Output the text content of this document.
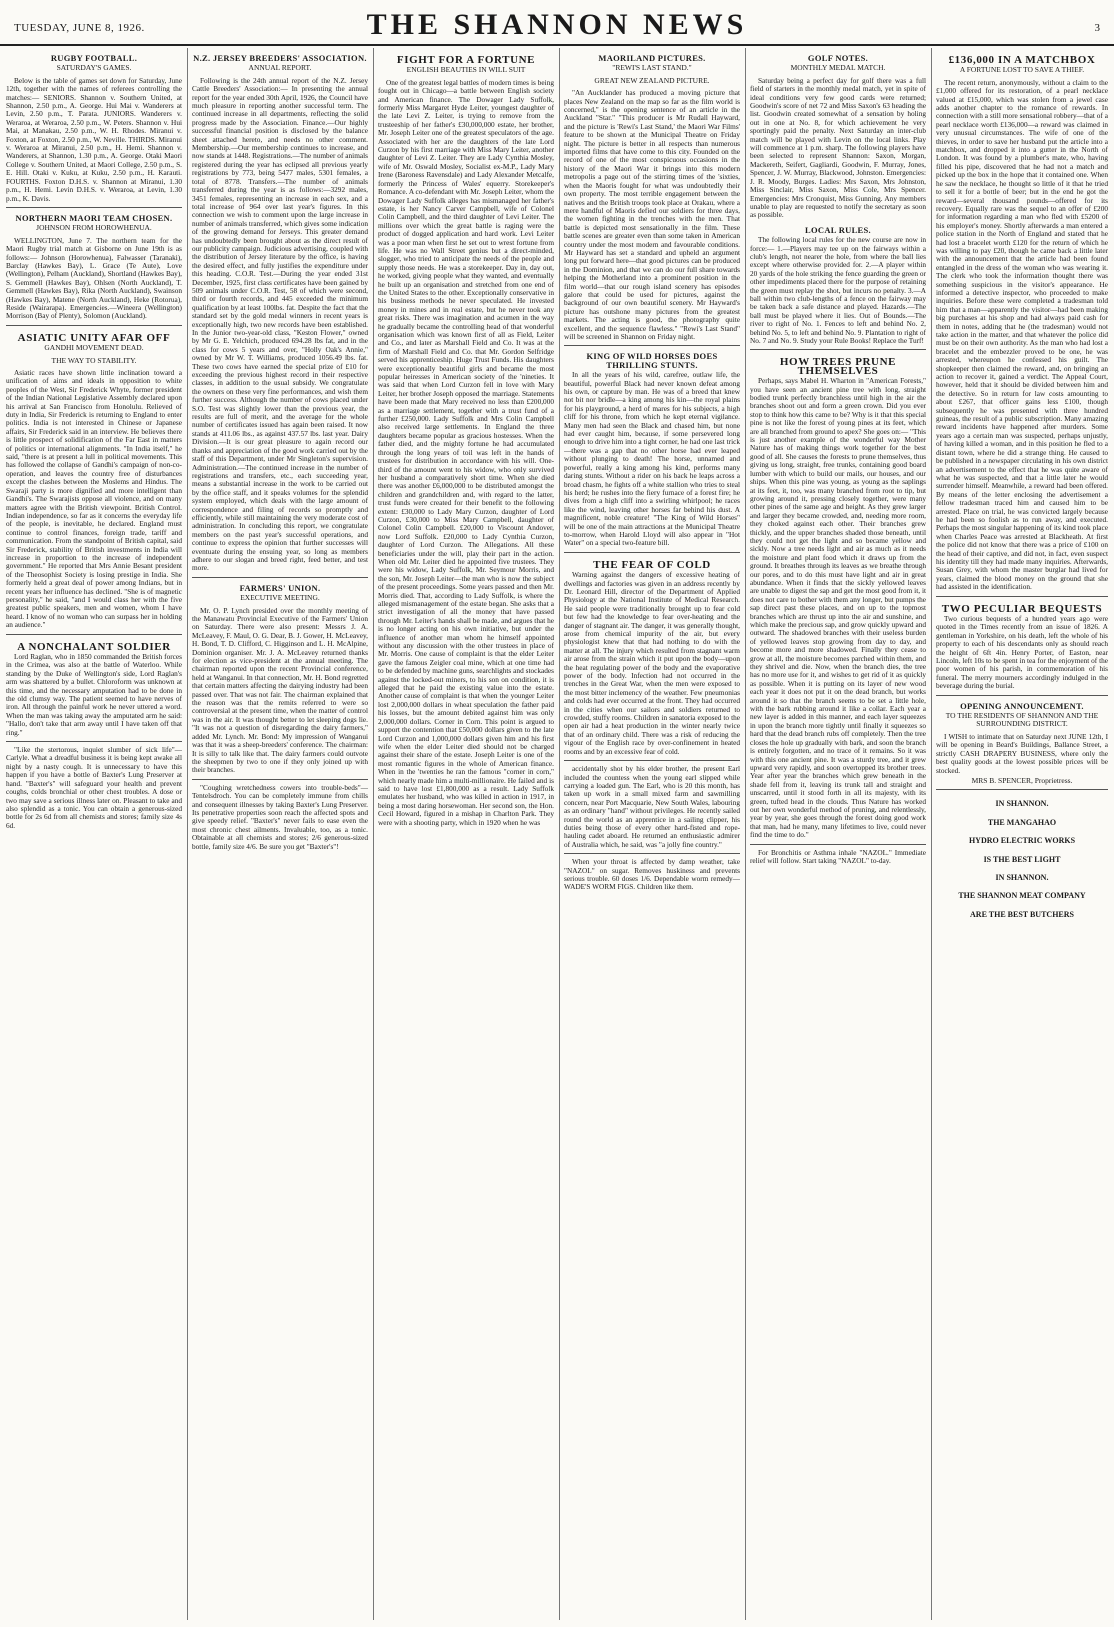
TUESDAY, JUNE 8, 1926.	THE SHANNON NEWS	3
RUGBY FOOTBALL.
SATURDAY'S GAMES.

Below is the table of games set down for Saturday, June 12th, together with the names of referees controlling the matches:— SENIORS. Shannon v. Southern United, at Shannon, 2.50 p.m., A. George. Hui Mai v. Wanderers at Levin, 2.50 p.m., T. Parata. JUNIORS. Wanderers v. Weraroa, at Weraroa, 2.50 p.m., W. Peters. Shannon v. Hui Mai, at Manakau, 2.50 p.m., W. H. Rhodes. Miranui v. Foxton, at Foxton, 2.50 p.m., W. Neville. THIRDS. Miranui v. Weraroa at Miranui, 2.50 p.m., H. Hemi. Shannon v. Wanderers, at Shannon, 1.30 p.m., A. George. Otaki Maori College v. Southern United, at Maori College, 2.50 p.m., S. E. Hill. Otaki v. Kuku, at Kuku, 2.50 p.m., H. Karauti. FOURTHS. Foxton D.H.S. v. Shannon at Miranui, 1.30 p.m., H. Hemi. Levin D.H.S. v. Weraroa, at Levin, 1.30 p.m., K. Davis.

NORTHERN MAORI TEAM CHOSEN.
JOHNSON FROM HOROWHENUA.

WELLINGTON, June 7. The northern team for the Maori Rugby trial match at Gisborne on June 19th is as follows:— Johnson (Horowhenua), Falwasser (Taranaki), Barclay (Hawkes Bay), L. Grace (Te Aute), Love (Wellington), Pelham (Auckland), Shortland (Hawkes Bay), S. Gemmell (Hawkes Bay), Ohlsen (North Auckland), T. Gemmell (Hawkes Bay), Rika (North Auckland), Swainson (Hawkes Bay), Matene (North Auckland), Heke (Rotorua), Reside (Wairarapa). Emergencies.—Wineera (Wellington) Morrison (Bay of Plenty), Solomon (Auckland).

ASIATIC UNITY AFAR OFF
GANDHI MOVEMENT DEAD.
THE WAY TO STABILITY.

Asiatic races have shown little inclination toward a unification of aims and ideals in opposition to white peoples of the West, Sir Frederick Whyte, former president of the Indian National Legislative Assembly declared upon his arrival at San Francisco from Honolulu. Relieved of duty in India, Sir Frederick is returning to England to enter politics. India is not interested in Chinese or Japanese affairs, Sir Frederick said in an interview. He believes there is little prospect of solidification of the Far East in matters of politics or international alignments. "In India itself," he said, "there is at present a lull in political movements. This has followed the collapse of Gandhi's campaign of non-co-operation, and leaves the country free of disturbances except the clashes between the Moslems and Hindus. The Swaraji party is more dignified and more intelligent than Gandhi's. The Swarajists oppose all violence, and on many matters agree with the British viewpoint. British Control. Indian independence, so far as it concerns the everyday life of the people, is inevitable, he declared. England must continue to control finances, foreign trade, tariff and communication. From the standpoint of British capital, said Sir Frederick, stability of British investments in India will increase in proportion to the increase of independent government." He reported that Mrs Annie Besant president of the Theosophist Society is losing prestige in India. She formerly held a great deal of power among Indians, but in recent years her influence has declined. "She is of magnetic personality," he said, "and I would class her with the five greatest public speakers, men and women, whom I have heard. I know of no woman who can surpass her in holding an audience."

A NONCHALANT SOLDIER

Lord Raglan, who in 1850 commanded the British forces in the Crimea, was also at the battle of Waterloo. While standing by the Duke of Wellington's side, Lord Raglan's arm was shattered by a bullet. Chloroform was unknown at this time, and the necessary amputation had to be done in the old clumsy way. The patient seemed to have nerves of iron. All through the painful work he never uttered a word. When the man was taking away the amputated arm he said: "Hallo, don't take that arm away until I have taken off that ring."

"Like the stertorous, inquiet slumber of sick life"—Carlyle. What a dreadful business it is being kept awake all night by a nasty cough. It is unnecessary to have this happen if you have a bottle of Baxter's Lung Preserver at hand. "Baxter's" will safeguard your health and prevent coughs, colds bronchial or other chest troubles. A dose or two may save a serious illness later on. Pleasant to take and also splendid as a tonic. You can obtain a generous-sized bottle for 2s 6d from all chemists and stores; family size 4s 6d.

N.Z. JERSEY BREEDERS' ASSOCIATION.
ANNUAL REPORT.

Following is the 24th annual report of the N.Z. Jersey Cattle Breeders' Association:— In presenting the annual report for the year ended 30th April, 1926, the Council have much pleasure in reporting another successful term. The continued increase in all departments, reflecting the solid progress made by the Association. Finance.—Our highly successful financial position is disclosed by the balance sheet attached hereto, and needs no other comment. Membership.—Our membership continues to increase, and now stands at 1448. Registrations.—The number of animals registered during the year has eclipsed all previous yearly registrations by 773, being 5477 males, 5301 females, a total of 8778. Transfers.—The number of animals transferred during the year is as follows:—3292 males, 3451 females, representing an increase in each sex, and a total increase of 964 over last year's figures. In this connection we wish to comment upon the large increase in number of animals transferred, which gives some indication of the growing demand for Jerseys. This greater demand has undoubtedly been brought about as the direct result of our publicity campaign. Judicious advertising, coupled with the distribution of Jersey literature by the office, is having the desired effect, and fully justifies the expenditure under this heading. C.O.R. Test.—During the year ended 31st December, 1925, first class certificates have been gained by 509 animals under C.O.R. Test, 58 of which were second, third or fourth records, and 445 exceeded the minimum qualification by at least 100lbs. fat. Despite the fact that the standard set by the gold medal winners in recent years is exceptionally high, two new records have been established. In the Junior two-year-old class, "Keston Flower," owned by Mr G. E. Yelchich, produced 694.28 lbs fat, and in the class for cows 5 years and over, "Holly Oak's Annie," owned by Mr W. T. Williams, produced 1056.49 lbs. fat. These two cows have earned the special prize of £10 for exceeding the previous highest record in their respective classes, in addition to the usual subsidy. We congratulate the owners on these very fine performances, and wish them further success. Although the number of cows placed under S.O. Test was slightly lower than the previous year, the results are full of merit, and the average for the whole number of certificates issued has again been raised. It now stands at 411.06 lbs., as against 437.57 lbs. last year. Dairy Division.—It is our great pleasure to again record our thanks and appreciation of the good work carried out by the staff of this Department, under Mr Singleton's supervision. Administration.—The continued increase in the number of registrations and transfers, etc., each succeeding year, means a substantial increase in the work to be carried out by the office staff, and it speaks volumes for the splendid system employed, which deals with the large amount of correspondence and filing of records so promptly and efficiently, while still maintaining the very moderate cost of administration. In concluding this report, we congratulate members on the past year's successful operations, and continue to express the opinion that further successes will eventuate during the ensuing year, so long as members adhere to our slogan and breed right, feed better, and test more.

FARMERS' UNION.
EXECUTIVE MEETING.

Mr. O. P. Lynch presided over the monthly meeting of the Manawatu Provincial Executive of the Farmers' Union on Saturday. There were also present: Messrs J. A. McLeavey, F. Maul, O. G. Dear, B. J. Gower, H. McLeavey, H. Bond, T. D. Clifford, C. Higginson and L. H. McAlpine, Dominion organiser. Mr. J. A. McLeavey returned thanks for election as vice-president at the annual meeting. The chairman reported upon the recent Provincial conference, held at Wanganui. In that connection, Mr. H. Bond regretted that certain matters affecting the dairying industry had been passed over. That was not fair. The chairman explained that the reason was that the remits referred to were so controversial at the present time, when the matter of control was in the air. It was thought better to let sleeping dogs lie. "It was not a question of disregarding the dairy farmers," added Mr. Lynch. Mr. Bond: My impression of Wanganui was that it was a sheep-breeders' conference. The chairman: It is silly to talk like that. The dairy farmers could outvote the sheepmen by two to one if they only joined up with their branches.

"Coughing wretchedness cowers into trouble-beds"—Tentelsdroch. You can be completely immune from chills and consequent illnesses by taking Baxter's Lung Preserver. Its penetrative properties soon reach the affected spots and give speedy relief. "Baxter's" never fails to ease even the most chronic chest ailments. Invaluable, too, as a tonic. Obtainable at all chemists and stores; 2/6 generous-sized bottle, family size 4/6. Be sure you get "Baxter's"!

FIGHT FOR A FORTUNE
ENGLISH BEAUTIES IN WILL SUIT

One of the greatest legal battles of modern times is being fought out in Chicago—a battle between English society and American finance. The Dowager Lady Suffolk, formerly Miss Margaret Hyde Leiter, youngest daughter of the late Levi Z. Leiter, is trying to remove from the trusteeship of her father's £30,000,000 estate, her brother, Mr. Joseph Leiter one of the greatest speculators of the age. Associated with her are the daughters of the late Lord Curzon by his first marriage with Miss Mary Leiter, another daughter of Levi Z. Leiter. They are Lady Cynthia Mosley, wife of Mr. Oswald Mosley, Socialist ex-M.P., Lady Mary Irene (Baroness Ravensdale) and Lady Alexander Metcalfe, formerly the Princess of Wales' equerry. Storekeeper's Romance. A co-defendant with Mr. Joseph Leiter, whom the Dowager Lady Suffolk alleges has mismanaged her father's estate, is her Nancy Carver Campbell, wife of Colonel Colin Campbell, and the third daughter of Levi Leiter. The millions over which the great battle is raging were the product of dogged application and hard work. Levi Leiter was a poor man when first he set out to wrest fortune from life. He was no Wall Street genius but a direct-minded, slogger, who tried to anticipate the needs of the people and supply those needs. He was a storekeeper. Day in, day out, he worked, giving people what they wanted, and eventually he built up an organisation and stretched from one end of the United States to the other. Exceptionally conservative in his business methods he never speculated. He invested money in mines and in real estate, but he never took any great risks. There was imagination and acumen in the way he gradually became the controlling head of that wonderful organisation which was known first of all as Field, Leiter and Co., and later as Marshall Field and Co. It was at the firm of Marshall Field and Co. that Mr. Gordon Selfridge served his apprenticeship. Huge Trust Funds. His daughters were exceptionally beautiful girls and became the most popular heiresses in American society of the 'nineties. It was said that when Lord Curzon fell in love with Mary Leiter, her brother Joseph opposed the marriage. Statements have been made that Mary received no less than £200,000 as a marriage settlement, together with a trust fund of a further £250,000. Lady Suffolk and Mrs Colin Campbell also received large settlements. In England the three daughters became popular as gracious hostesses. When the father died, and the mighty fortune he had accumulated through the long years of toil was left in the hands of trustees for distribution in accordance with his will. One-third of the amount went to his widow, who only survived her husband a comparatively short time. When she died there was another £6,000,000 to be distributed amongst the children and grandchildren and, with regard to the latter, trust funds were created for their benefit to the following extent: £30,000 to Lady Mary Curzon, daughter of Lord Curzon, £30,000 to Miss Mary Campbell, daughter of Colonel Colin Campbell. £20,000 to Viscount Andover, now Lord Suffolk. £20,000 to Lady Cynthia Curzon, daughter of Lord Curzon. The Allegations. All these beneficiaries under the will, play their part in the action. When old Mr. Leiter died he appointed five trustees. They were his widow, Lady Suffolk, Mr. Seymour Morris, and the son, Mr. Joseph Leiter—the man who is now the subject of the present proceedings. Some years passed and then Mr. Morris died. That, according to Lady Suffolk, is where the alleged mismanagement of the estate began. She asks that a strict investigation of all the money that have passed through Mr. Leiter's hands shall be made, and argues that he is no longer acting on his own initiative, but under the influence of another man whom he himself appointed without any discussion with the other trustees in place of Mr. Morris. One cause of complaint is that the elder Leiter gave the famous Zeigler coal mine, which at one time had to be defended by machine guns, searchlights and stockades against the locked-out miners, to his son on condition, it is alleged that he paid the existing value into the estate. Another cause of complaint is that when the younger Leiter lost 2,000,000 dollars in wheat speculation the father paid his losses, but the amount debited against him was only 2,000,000 dollars. Corner in Corn. This point is argued to support the contention that £50,000 dollars given to the late Lord Curzon and 1,000,000 dollars given him and his first wife when the elder Leiter died should not be charged against their share of the estate. Joseph Leiter is one of the most romantic figures in the whole of American finance. When in the 'twenties he ran the famous "corner in corn," which nearly made him a multi-millionaire. He failed and is said to have lost £1,800,000 as a result. Lady Suffolk emulates her husband, who was killed in action in 1917, in being a most daring horsewoman. Her second son, the Hon. Cecil Howard, figured in a mishap in Charlton Park. They were with a shooting party, which in 1920 when he was

MAORILAND PICTURES.
"REWI'S LAST STAND."
GREAT NEW ZEALAND PICTURE.

"An Aucklander has produced a moving picture that places New Zealand on the map so far as the film world is concerned," is the opening sentence of an article in the Auckland "Star." "This producer is Mr Rudall Hayward, and the picture is 'Rewi's Last Stand,' the Maori War Films' feature to be shown at the Municipal Theatre on Friday night. The picture is better in all respects than numerous imported films that have come to this city. Founded on the record of one of the most conspicuous occasions in the history of the Maori War it brings into this modern metropolis a page out of the stirring times of the 'sixties, when the Maoris fought for what was undoubtedly their own property. The most terrible engagement between the natives and the British troops took place at Orakau, where a mere handful of Maoris defied our soldiers for three days, the women fighting in the trenches with the men. That battle is depicted most sensationally in the film. These battle scenes are greater even than some taken in American country under the most modern and favourable conditions. Mr Hayward has set a standard and upheld an argument long put forward here—that good pictures can be produced in the Dominion, and that we can do our full share towards helping the Motherland into a prominent position in the film world—that our rough island scenery has episodes galore that could be used for pictures, against the background of our own beautiful scenery. Mr Hayward's picture has outshone many pictures from the greatest markets. The acting is good, the photography quite excellent, and the sequence flawless." "Rewi's Last Stand" will be screened in Shannon on Friday night.

KING OF WILD HORSES DOES THRILLING STUNTS.

In all the years of his wild, carefree, outlaw life, the beautiful, powerful Black had never known defeat among his own, or capture by man. He was of a breed that knew not bit nor bridle—a king among his kin—the royal plains for his playground, a herd of mares for his subjects, a high cliff for his throne, from which he kept eternal vigilance. Many men had seen the Black and chased him, but none had ever caught him, because, if some persevered long enough to drive him into a tight corner, he had one last trick—there was a gap that no other horse had ever leaped without plunging to death! The horse, unnamed and powerful, really a king among his kind, performs many daring stunts. Without a rider on his back he leaps across a broad chasm, he fights off a white stallion who tries to steal his herd; he rushes into the fiery furnace of a forest fire; he dives from a high cliff into a swirling whirlpool; he races like the wind, leaving other horses far behind his dust. A magnificent, noble creature! "The King of Wild Horses" will be one of the main attractions at the Municipal Theatre to-morrow, when Harold Lloyd will also appear in "Hot Water" on a special two-feature bill.

THE FEAR OF COLD

Warning against the dangers of excessive heating of dwellings and factories was given in an address recently by Dr. Leonard Hill, director of the Department of Applied Physiology at the National Institute of Medical Research. He said people were traditionally brought up to fear cold but few had the knowledge to fear over-heating and the danger of stagnant air. The danger, it was generally thought, arose from chemical impurity of the air, but every physiologist knew that that had nothing to do with the matter at all. The injury which resulted from stagnant warm air arose from the strain which it put upon the body—upon the heat regulating power of the body and the evaporative power of the body. Infection had not occurred in the trenches in the Great War, when the men were exposed to the most bitter inclemency of the weather. Few pneumonias and colds had ever occurred at the front. They had occurred in the cities when our sailors and soldiers returned to crowded, stuffy rooms. Children in sanatoria exposed to the open air had a heat production in the winter nearly twice that of an ordinary child. There was a risk of reducing the vigour of the English race by over-confinement in heated rooms and by an excessive fear of cold.

accidentally shot by his elder brother, the present Earl included the countess when the young earl slipped while carrying a loaded gun. The Earl, who is 20 this month, has taken up work in a small mixed farm and sawmilling concern, near Port Macquarie, New South Wales, labouring as an ordinary "hand" without privileges. He recently sailed round the world as an apprentice in a sailing clipper, his duties being those of every other hard-fisted and rope-hauling cadet aboard. He returned an enthusiastic admirer of Australia which, he said, was "a jolly fine country."

When your throat is affected by damp weather, take "NAZOL" on sugar. Removes huskiness and prevents serious trouble. 60 doses 1/6. Dependable worm remedy—WADE'S WORM FIGS. Children like them.

GOLF NOTES.
MONTHLY MEDAL MATCH.

Saturday being a perfect day for golf there was a full field of starters in the monthly medal match, yet in spite of ideal conditions very few good cards were returned; Goodwin's score of net 72 and Miss Saxon's 63 heading the list. Goodwin created somewhat of a sensation by holing out in one at No. 8, for which achievement he very sportingly paid the penalty. Next Saturday an inter-club match will be played with Levin on the local links. Play will commence at 1 p.m. sharp. The following players have been selected to represent Shannon: Saxon, Morgan, Mackereth, Seifert, Gagliardi, Goodwin, F. Murray, Jones, Spencer, J. W. Murray, Blackwood, Johnston. Emergencies: J. R. Moody, Burges. Ladies: Mrs Saxon, Mrs Johnston, Miss Sinclair, Miss Saxon, Miss Cole, Mrs Spencer. Emergencies: Mrs Cronquist, Miss Gunning. Any members unable to play are requested to notify the secretary as soon as possible.

LOCAL RULES.

The following local rules for the new course are now in force:— 1.—Players may tee up on the fairways within a club's length, not nearer the hole, from where the ball lies except where otherwise provided for. 2.—A player within 20 yards of the hole striking the fence guarding the green or other impediments placed there for the purpose of retaining the green must replay the shot, but incurs no penalty. 3.—A ball within two club-lengths of a fence on the fairway may be taken back a safe distance and played. Hazards.—The ball must be played where it lies. Out of Bounds.—The river to right of No. 1. Fences to left and behind No. 2, behind No. 5, to left and behind No. 9. Plantation to right of No. 7 and No. 9. Study your Rule Books! Replace the Turf!

HOW TREES PRUNE THEMSELVES

Perhaps, says Mabel H. Wharton in "American Forests," you have seen an ancient pine tree with long, straight bodied trunk perfectly branchless until high in the air the branches shoot out and form a green crown. Did you ever stop to think how this came to be? Why is it that this special pine is not like the forest of young pines at its feet, which are all branched from ground to apex? She goes on:— "This is just another example of the wonderful way Mother Nature has of making things work together for the best good of all. She causes the forests to prune themselves, thus giving us long, straight, free trunks, containing good board lumber with which to build our mails, our houses, and our ships. When this pine was young, as young as the saplings at its feet, it, too, was many branched from root to tip, but growing around it, pressing closely together, were many other pines of the same age and height. As they grew larger and larger they became crowded, and, needing more room, they choked against each other. Their branches grew thickly, and the upper branches shaded those beneath, until they could not get the light and so became yellow and sickly. Now a tree needs light and air as much as it needs the moisture and plant food which it draws up from the ground. It breathes through its leaves as we breathe through our pores, and to do this must have light and air in great abundance. When it finds that the sickly yellowed leaves are unable to digest the sap and get the most good from it, it does not care to bother with them any longer, but pumps the sap direct past these places, and on up to the topmost branches which are thrust up into the air and sunshine, and which make the precious sap, and grow quickly upward and outward. The shadowed branches with their useless burden of yellowed leaves stop growing from day to day, and become more and more shadowed. Finally they cease to grow at all, the moisture becomes parched within them, and they shrivel and die. Now, when the branch dies, the tree has no more use for it, and wishes to get rid of it as quickly as possible. When it is putting on its layer of new wood each year it does not put it on the dead branch, but works around it so that the branch seems to be set a little hole, with the bark rubbing around it like a collar. Each year a new layer is added in this manner, and each layer squeezes in upon the branch more tightly until finally it squeezes so hard that the dead branch rubs off completely. Then the tree closes the hole up gradually with bark, and soon the branch is entirely forgotten, and no trace of it remains. So it was with this one ancient pine. It was a sturdy tree, and it grew upward very rapidly, and soon overtopped its brother trees. Year after year the branches which grew beneath in the shade fell from it, leaving its trunk tall and straight and unscarred, until it stood forth in all its majesty, with its green, tufted head in the clouds. Thus Nature has worked out her own wonderful method of pruning, and relentlessly, year by year, she goes through the forest doing good work that man, had he many, many lifetimes to live, could never find the time to do."

For Bronchitis or Asthma inhale "NAZOL." Immediate relief will follow. Start taking "NAZOL" to-day.

£136,000 IN A MATCHBOX
A FORTUNE LOST TO SAVE A THIEF.

The recent return, anonymously, without a claim to the £1,000 offered for its restoration, of a pearl necklace valued at £15,000, which was stolen from a jewel case adds another chapter to the romance of rewards. In connection with a still more sensational robbery—that of a pearl necklace worth £136,000—a reward was claimed in very unusual circumstances. The wife of one of the thieves, in order to save her husband put the article into a matchbox, and dropped it into a gutter in the North of London. It was found by a plumber's mate, who, having filled his pipe, discovered that he had not a match and picked up the box in the hope that it contained one. When he saw the necklace, he thought so little of it that he tried to sell it for a bottle of beer; but in the end he got the reward—several thousand pounds—offered for its recovery. Equally rare was the sequel to an offer of £200 for information regarding a man who fled with £5200 of his employer's money. Shortly afterwards a man entered a police station in the North of England and stated that he had lost a bracelet worth £120 for the return of which he was willing to pay £20, though he came back a little later with the announcement that the article had been found entangled in the dress of the woman who was wearing it. The clerk who took the information thought there was something suspicious in the visitor's appearance. He informed a detective inspector, who proceeded to make inquiries. Before these were completed a tradesman told him that a man—apparently the visitor—had been making big purchases at his shop and had always paid cash for them in notes, adding that he (the tradesman) would not take action in the matter, and that whatever the police did must be on their own authority. As the man who had lost a bracelet and the embezzler proved to be one, he was arrested, whereupon he confessed his guilt. The shopkeeper then claimed the reward, and, on bringing an action to recover it, gained a verdict. The Appeal Court, however, held that it should be divided between him and the detective. So in return for law costs amounting to about £267, that officer gains less £100, though subsequently he was presented with three hundred guineas, the result of a public subscription. Many amazing reward incidents have happened after murders. Some years ago a certain man was suspected, perhaps unjustly, of having killed a woman, and in this position he fled to a distant town, where he did a strange thing. He caused to be published in a newspaper circulating in his own district an advertisement to the effect that he was quite aware of what he was suspected, and that a little later he would surrender himself. Meanwhile, a reward had been offered. By means of the letter enclosing the advertisement a fellow tradesman traced him and caused him to be arrested. Place on trial, he was convicted largely because he had been so foolish as to run away, and executed. Perhaps the most singular happening of its kind took place when Charles Peace was arrested at Blackheath. At first the police did not know that there was a price of £100 on the head of their captive, and did not, in fact, even suspect his identity till they had made many inquiries. Afterwards, Susan Grey, with whom the master burglar had lived for years, claimed the blood money on the ground that she had assisted in the identification.

TWO PECULIAR BEQUESTS

Two curious bequests of a hundred years ago were quoted in the Times recently from an issue of 1826. A gentleman in Yorkshire, on his death, left the whole of his property to each of his descendants only as should reach the height of 6ft 4in. Henry Porter, of Easton, near Lincoln, left 10s to be spent in tea for the enjoyment of the poor women of his parish, in commemoration of his funeral. The merry mourners accordingly indulged in the beverage during the burial.

OPENING ANNOUNCEMENT.
TO THE RESIDENTS OF SHANNON AND THE SURROUNDING DISTRICT.

I WISH to intimate that on Saturday next JUNE 12th, I will be opening in Beard's Buildings, Ballance Street, a strictly CASH DRAPERY BUSINESS, where only the best quality goods at the lowest possible prices will be stocked.

MRS B. SPENCER, Proprietress.
IN SHANNON.
THE MANGAHAO
HYDRO ELECTRIC WORKS
IS THE BEST LIGHT
IN SHANNON.
THE SHANNON MEAT COMPANY
ARE THE BEST BUTCHERS
